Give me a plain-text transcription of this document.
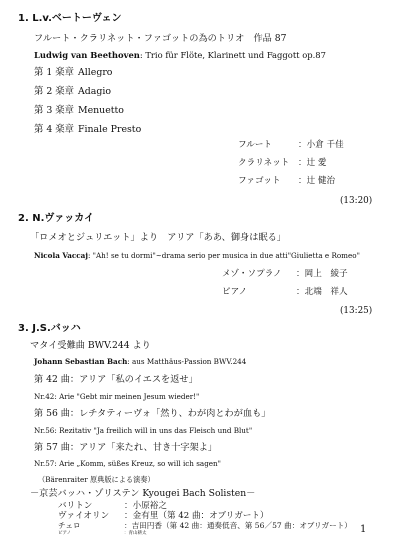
1. L.v.ベートーヴェン
フルート・クラリネット・ファゴットの為のトリオ　作品 87
Ludwig van Beethoven: Trio für Flöte, Klarinett und Faggott op.87
第 1 楽章 Allegro
第 2 楽章 Adagio
第 3 楽章 Menuetto
第 4 楽章 Finale Presto
フルート	：小倉 千佳
クラリネット ：辻 愛
ファゴット ：辻 健治
(13:20)
2. N.ヴァッカイ
「ロメオとジュリエット」より　アリア「ああ、御身は眠る」
Nicola Vaccaj: "Ah! se tu dormi"~drama serio per musica in due atti"Giulietta e Romeo"
メゾ・ソプラノ ：岡上　綾子
ピアノ	：北端　祥人
(13:25)
3. J.S.バッハ
マタイ受難曲 BWV.244 より
Johann Sebastian Bach: aus Matthäus-Passion BWV.244
第 42 曲：アリア「私のイエスを返せ」
Nr.42: Arie "Gebt mir meinen Jesum wieder!"
第 56 曲：レチタティーヴォ「然り、わが肉とわが血も」
Nr.56: Rezitativ "Ja freilich will in uns das Fleisch und Blut"
第 57 曲：アリア「来たれ、甘き十字架よ」
Nr.57: Arie „Komm, süßes Kreuz, so will ich sagen"
（Bärenraiter 原典版による演奏）
－京芸バッハ・ゾリステン Kyougei Bach Solisten－
バリトン	：小原裕之
ヴァイオリン ：金有里（第 42 曲：オブリガート）
チェロ	：吉田円香（第 42 曲：通奏低音、第 56／57 曲：オブリガート）
ピアノ	：青山耕太	1
